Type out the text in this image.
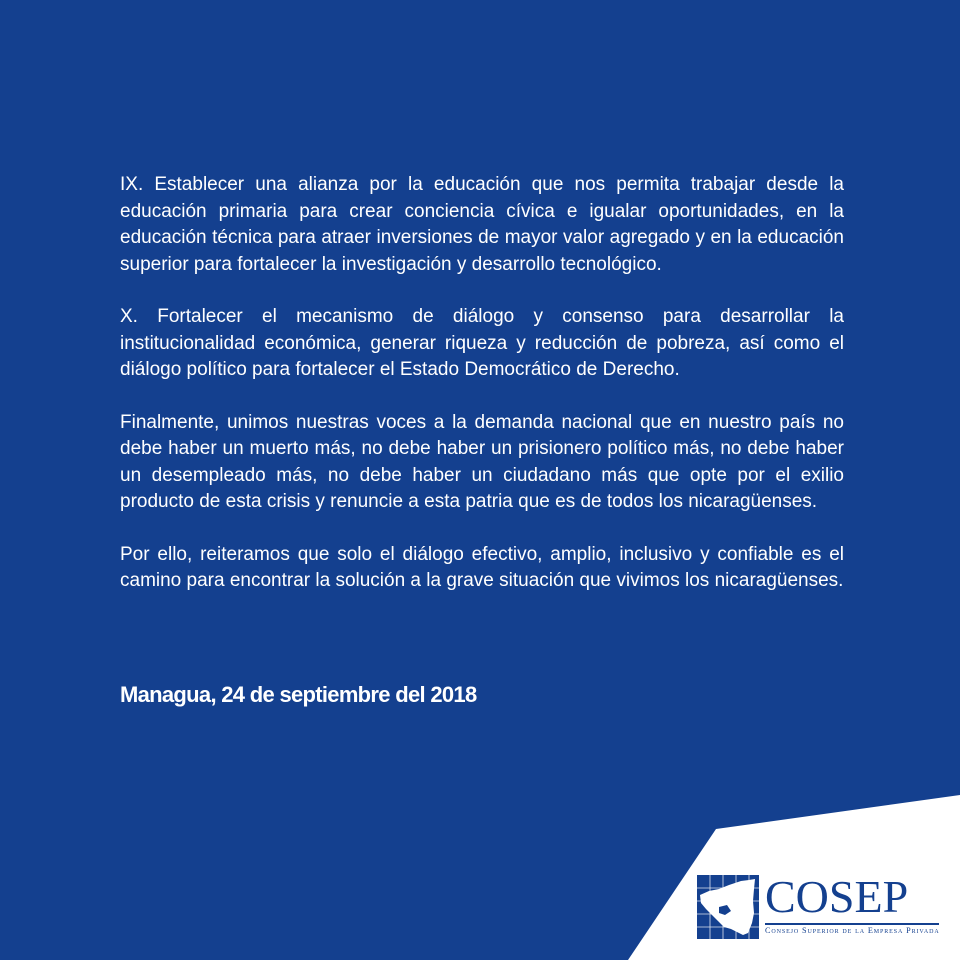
IX. Establecer una alianza por la educación que nos permita trabajar desde la educación primaria para crear conciencia cívica e igualar oportunidades, en la educación técnica para atraer inversiones de mayor valor agregado y en la educación superior para fortalecer la investigación y desarrollo tecnológico.

X. Fortalecer el mecanismo de diálogo y consenso para desarrollar la institucionalidad económica, generar riqueza y reducción de pobreza, así como el diálogo político para fortalecer el Estado Democrático de Derecho.

Finalmente, unimos nuestras voces a la demanda nacional que en nuestro país no debe haber un muerto más, no debe haber un prisionero político más, no debe haber un desempleado más, no debe haber un ciudadano más que opte por el exilio producto de esta crisis y renuncie a esta patria que es de todos los nicaragüenses.

Por ello, reiteramos que solo el diálogo efectivo, amplio, inclusivo y confiable es el camino para encontrar la solución a la grave situación que vivimos los nicaragüenses.

Managua, 24 de septiembre del 2018
COSEP
Consejo Superior de la Empresa Privada
